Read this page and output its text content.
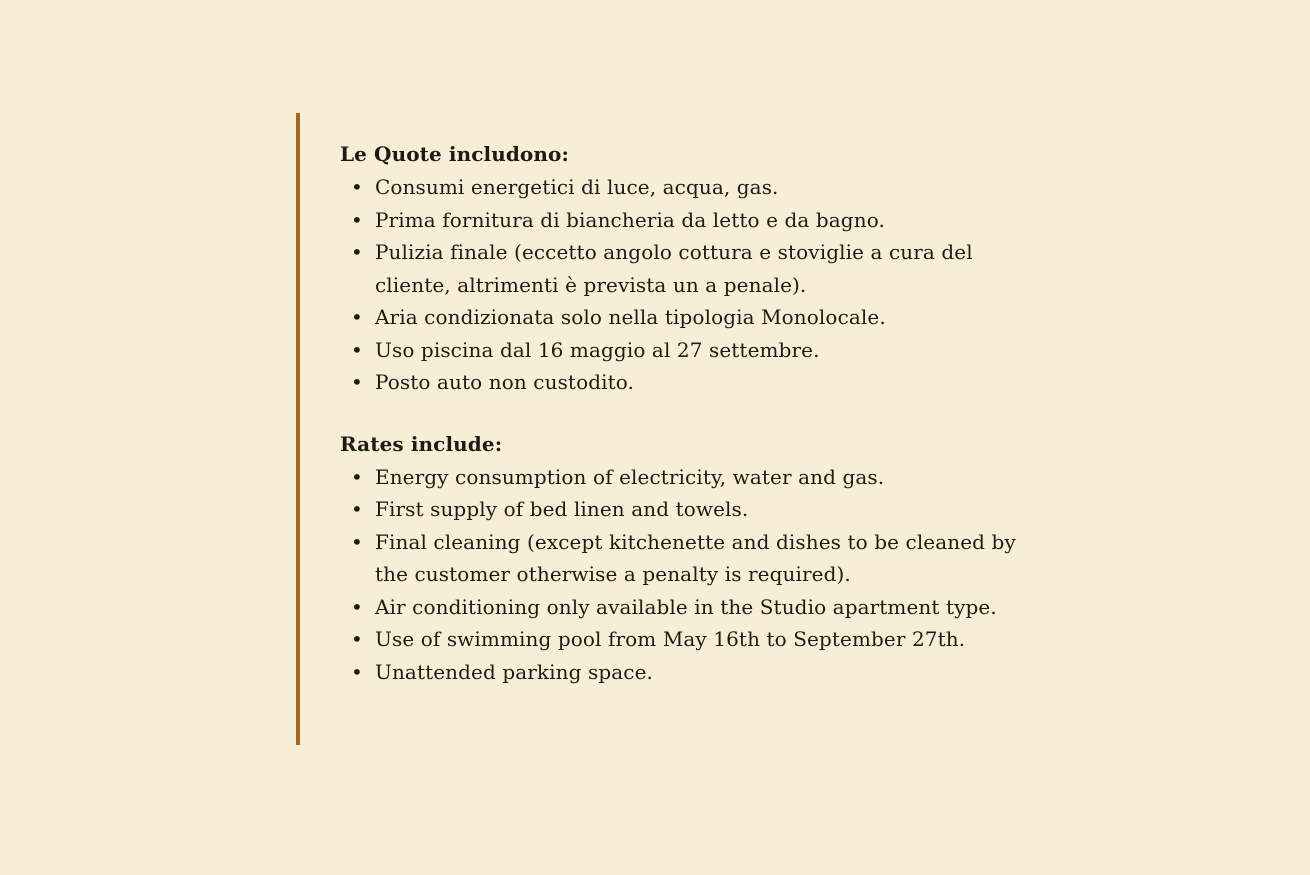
Le Quote includono:
• Consumi energetici di luce, acqua, gas.
• Prima fornitura di biancheria da letto e da bagno.
• Pulizia finale (eccetto angolo cottura e stoviglie a cura del cliente, altrimenti è prevista un a penale).
• Aria condizionata solo nella tipologia Monolocale.
• Uso piscina dal 16 maggio al 27 settembre.
• Posto auto non custodito.
Rates include:
• Energy consumption of electricity, water and gas.
• First supply of bed linen and towels.
• Final cleaning (except kitchenette and dishes to be cleaned by the customer otherwise a penalty is required).
• Air conditioning only available in the Studio apartment type.
• Use of swimming pool from May 16th to September 27th.
• Unattended parking space.
